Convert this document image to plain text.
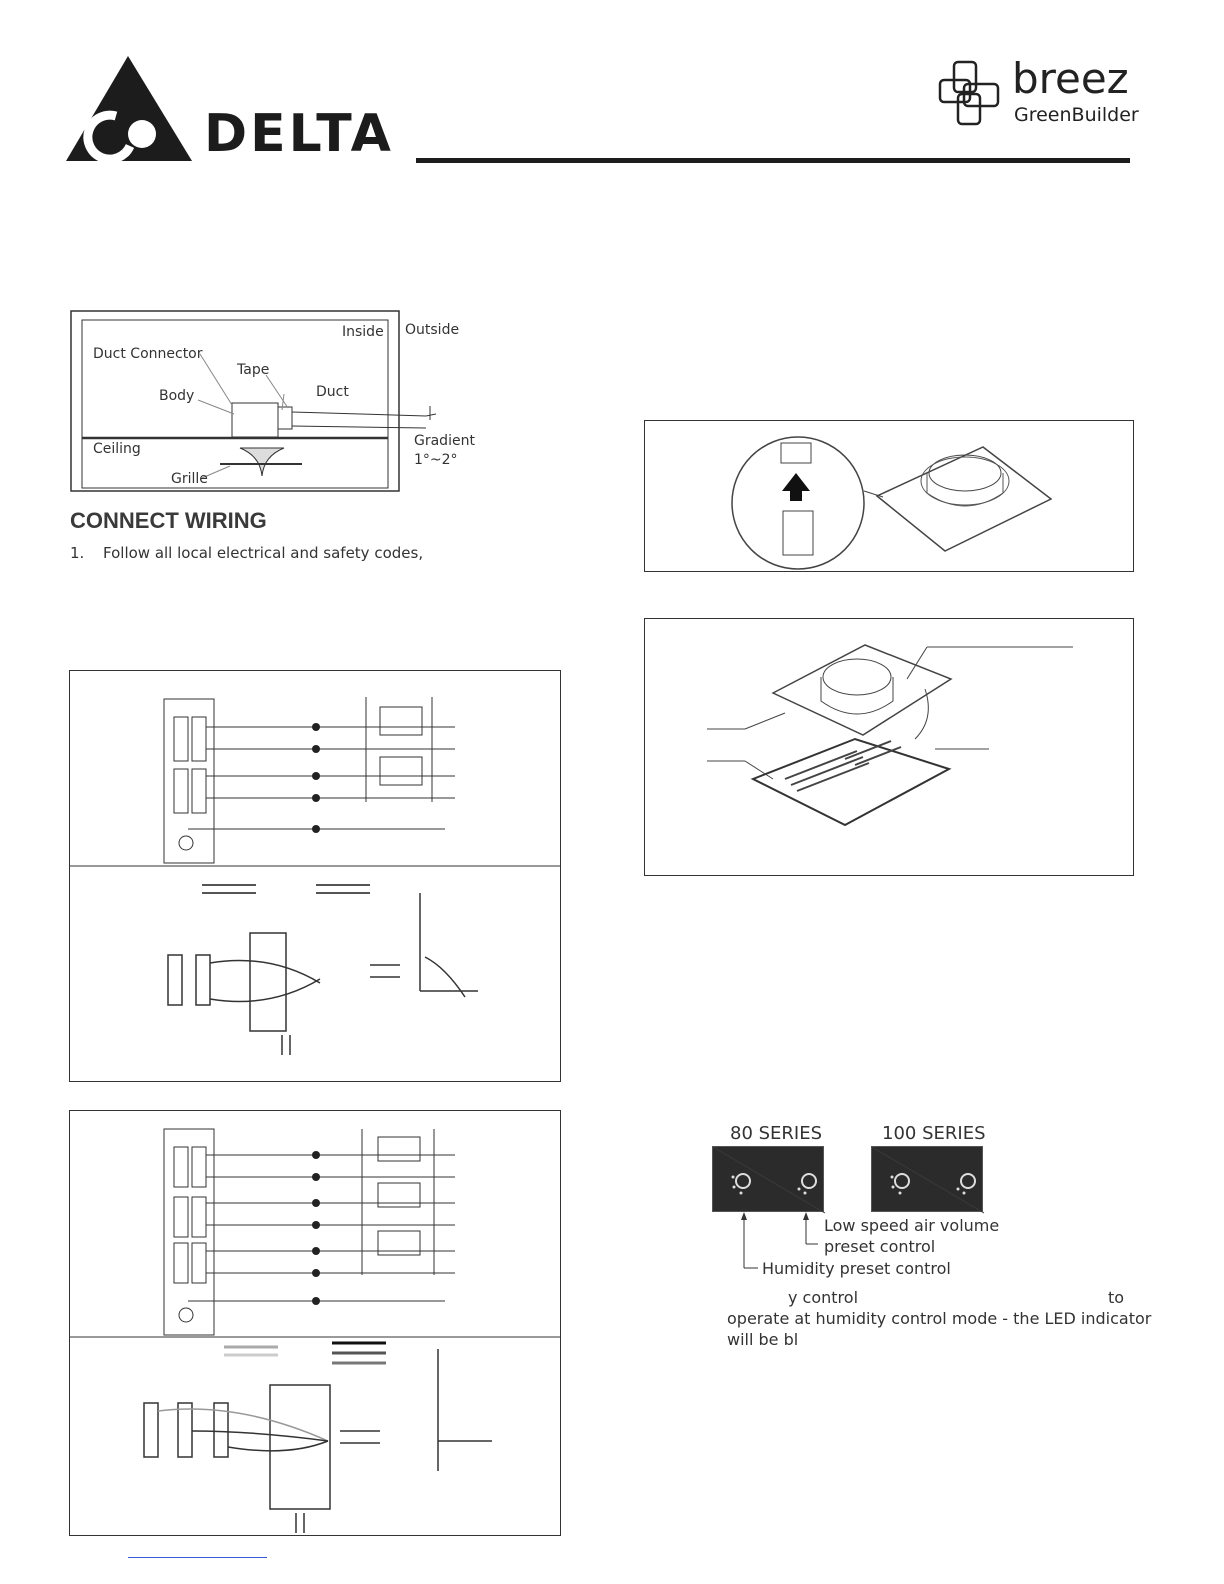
DELTA
breez
GreenBuilder
Inside Outside
Duct Connector
Tape
Body	Duct
Ceiling	Gradient
1°~2°
Grille
CONNECT WIRING
1. Follow all local electrical and safety codes,
80 SERIES	100 SERIES
Low speed air volume
preset control
Humidity preset control
y control	to
operate at humidity control mode - the LED indicator
will be bl
